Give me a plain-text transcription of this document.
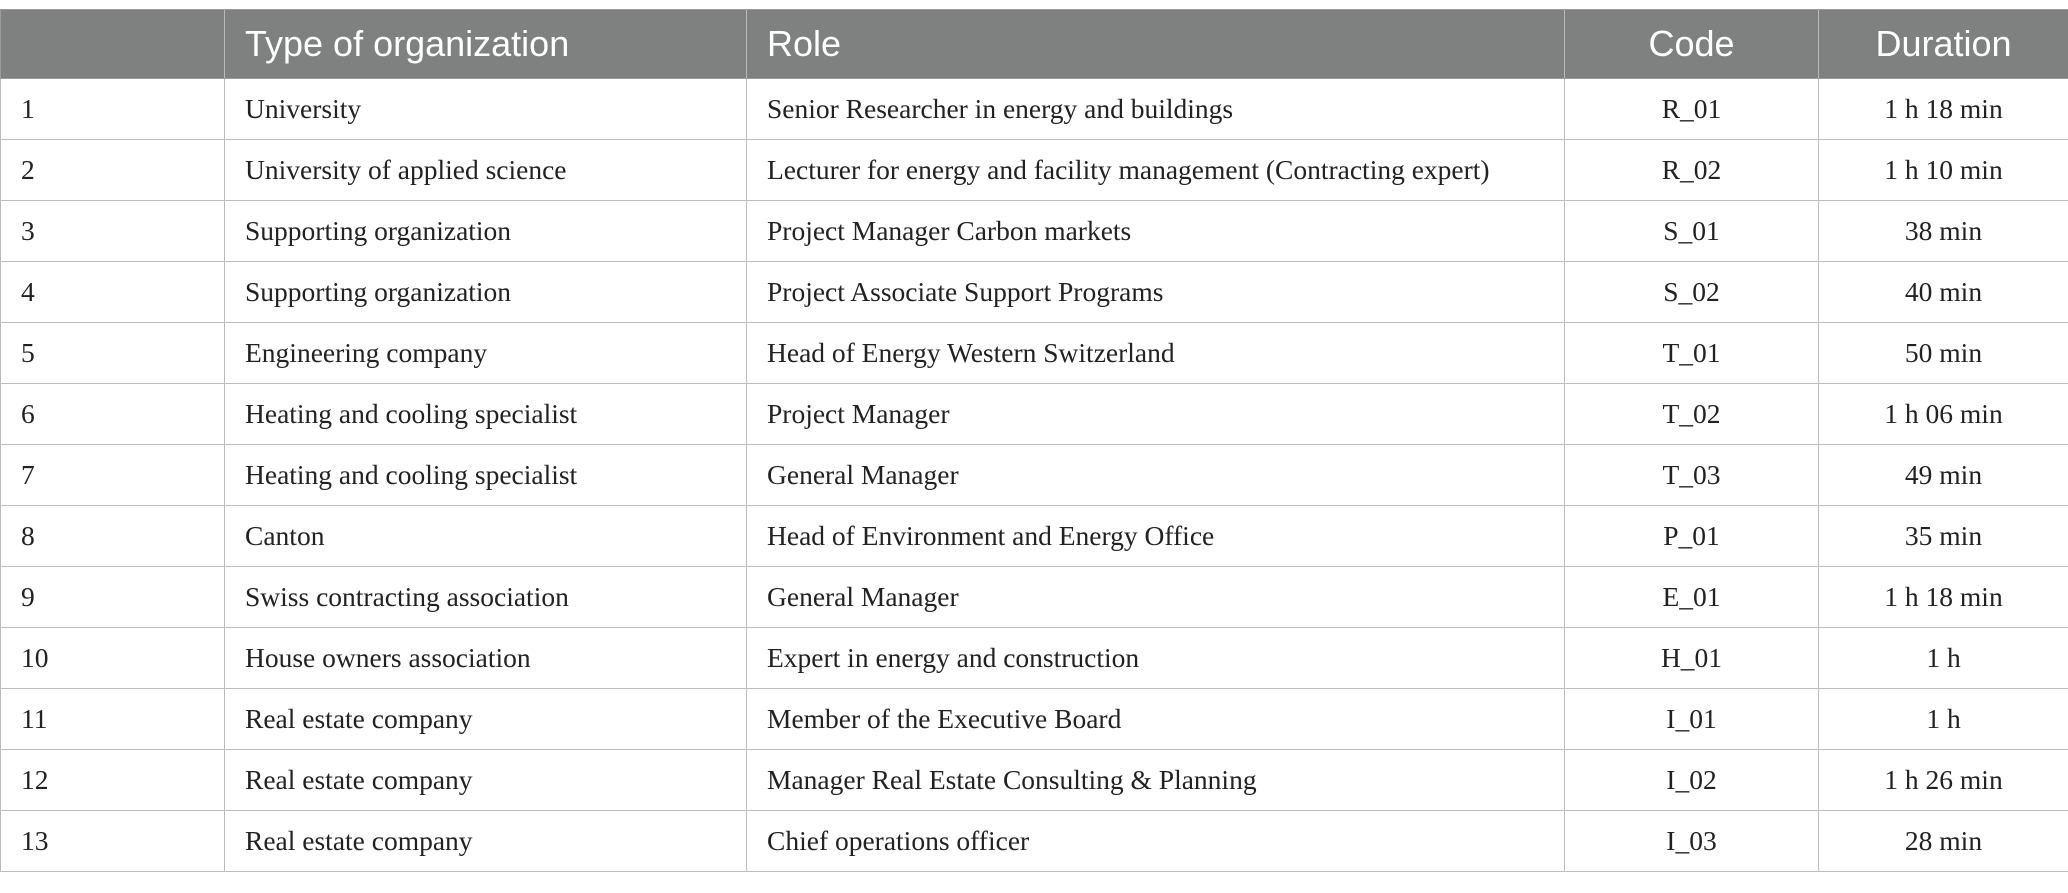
	Type of organization	Role	Code	Duration
1	University	Senior Researcher in energy and buildings	R_01	1 h 18 min
2	University of applied science	Lecturer for energy and facility management (Contracting expert)	R_02	1 h 10 min
3	Supporting organization	Project Manager Carbon markets	S_01	38 min
4	Supporting organization	Project Associate Support Programs	S_02	40 min
5	Engineering company	Head of Energy Western Switzerland	T_01	50 min
6	Heating and cooling specialist	Project Manager	T_02	1 h 06 min
7	Heating and cooling specialist	General Manager	T_03	49 min
8	Canton	Head of Environment and Energy Office	P_01	35 min
9	Swiss contracting association	General Manager	E_01	1 h 18 min
10	House owners association	Expert in energy and construction	H_01	1 h
11	Real estate company	Member of the Executive Board	I_01	1 h
12	Real estate company	Manager Real Estate Consulting & Planning	I_02	1 h 26 min
13	Real estate company	Chief operations officer	I_03	28 min
